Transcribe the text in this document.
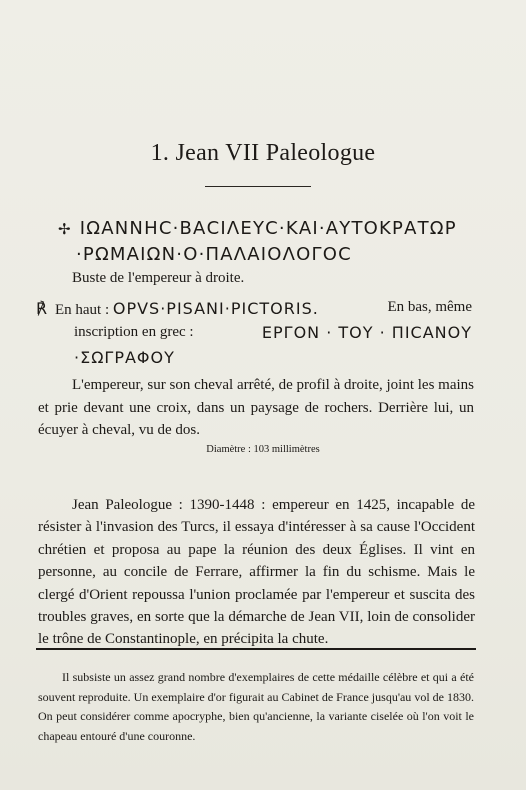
1. Jean VII Paleologue
✢ ΙΩΑΝΝΗϹ·ΒΑϹΙΛΕΥϹ·ΚΑΙ·ΑΥΤΟΚΡΑΤΩΡ
·ΡΩΜΑΙΩΝ·Ο·ΠΑΛΑΙΟΛΟΓΟϹ
Buste de l'empereur à droite.
℟ En haut : OPVS·PISANI·PICTORIS.	En bas, même
inscription en grec :	ΕΡΓΟΝ · ΤΟΥ · ΠΙϹΑΝΟΥ
·ΣΩΓΡΑΦΟΥ
L'empereur, sur son cheval arrêté, de profil à droite, joint les mains et prie devant une croix, dans un paysage de rochers. Derrière lui, un écuyer à cheval, vu de dos.
Diamètre : 103 millimètres
Jean Paleologue : 1390-1448 : empereur en 1425, incapable de résister à l'invasion des Turcs, il essaya d'intéresser à sa cause l'Occident chrétien et proposa au pape la réunion des deux Églises. Il vint en personne, au concile de Ferrare, affirmer la fin du schisme. Mais le clergé d'Orient repoussa l'union proclamée par l'empereur et suscita des troubles graves, en sorte que la démarche de Jean VII, loin de consolider le trône de Constantinople, en précipita la chute.
Il subsiste un assez grand nombre d'exemplaires de cette médaille célèbre et qui a été souvent reproduite. Un exemplaire d'or figurait au Cabinet de France jusqu'au vol de 1830. On peut considérer comme apocryphe, bien qu'ancienne, la variante ciselée où l'on voit le chapeau entouré d'une couronne.
